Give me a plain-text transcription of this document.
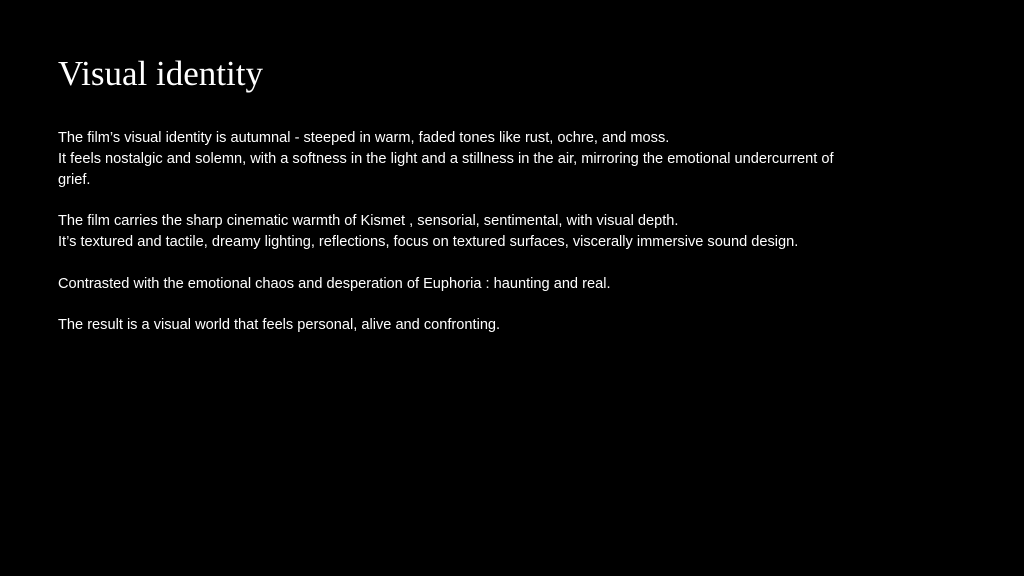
Visual identity

The film’s visual identity is autumnal - steeped in warm, faded tones like rust, ochre, and moss.
It feels nostalgic and solemn, with a softness in the light and a stillness in the air, mirroring the emotional undercurrent of
grief.

The film carries the sharp cinematic warmth of Kismet , sensorial, sentimental, with visual depth.
It’s textured and tactile, dreamy lighting, reflections, focus on textured surfaces, viscerally immersive sound design.

Contrasted with the emotional chaos and desperation of Euphoria : haunting and real.

The result is a visual world that feels personal, alive and confronting.
